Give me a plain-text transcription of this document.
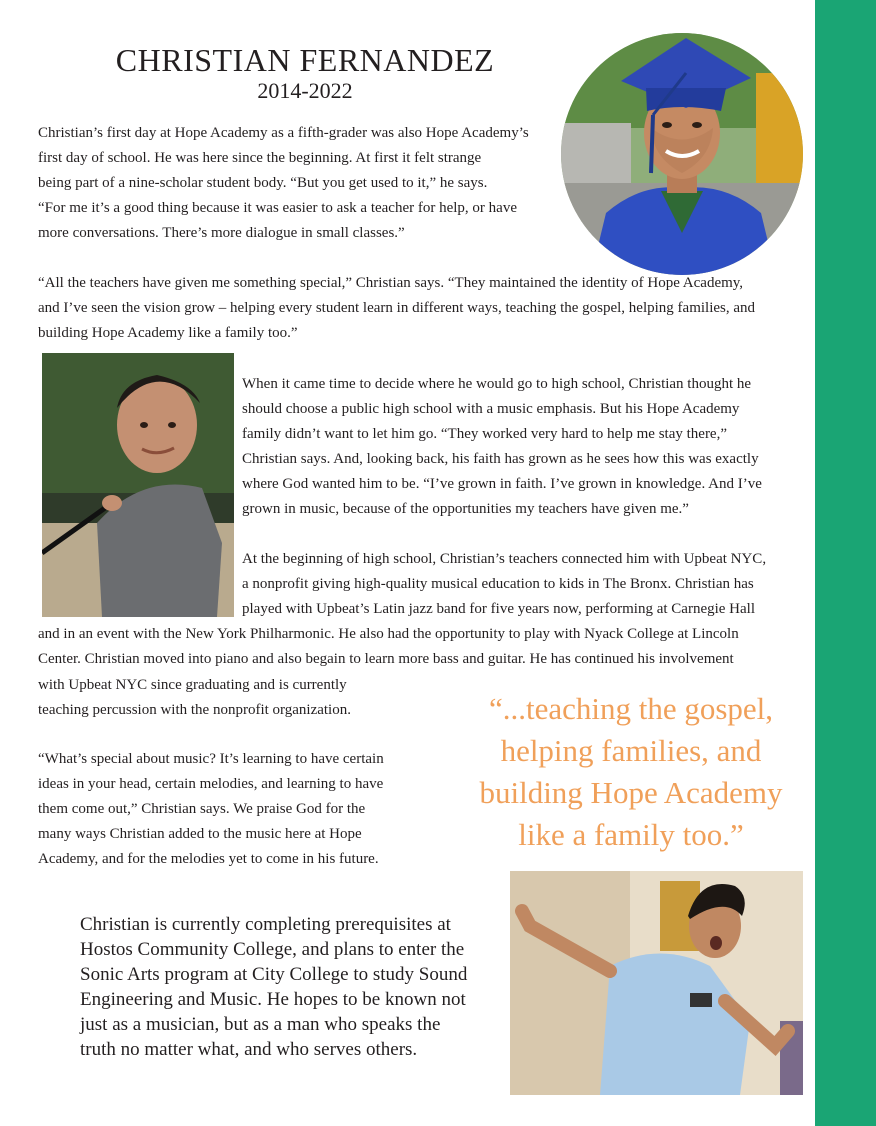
CHRISTIAN FERNANDEZ
2014-2022
Christian’s first day at Hope Academy as a fifth-grader was also Hope Academy’s
first day of school. He was here since the beginning. At first it felt strange
being part of a nine-scholar student body. “But you get used to it,” he says.
“For me it’s a good thing because it was easier to ask a teacher for help, or have
more conversations. There’s more dialogue in small classes.”
“All the teachers have given me something special,” Christian says. “They maintained the identity of Hope Academy,
and I’ve seen the vision grow – helping every student learn in different ways, teaching the gospel, helping families, and
building Hope Academy like a family too.”
When it came time to decide where he would go to high school, Christian thought he
should choose a public high school with a music emphasis. But his Hope Academy
family didn’t want to let him go. “They worked very hard to help me stay there,”
Christian says. And, looking back, his faith has grown as he sees how this was exactly
where God wanted him to be. “I’ve grown in faith. I’ve grown in knowledge. And I’ve
grown in music, because of the opportunities my teachers have given me.”
At the beginning of high school, Christian’s teachers connected him with Upbeat NYC,
a nonprofit giving high-quality musical education to kids in The Bronx. Christian has
played with Upbeat’s Latin jazz band for five years now, performing at Carnegie Hall
and in an event with the New York Philharmonic. He also had the opportunity to play with Nyack College at Lincoln
Center. Christian moved into piano and also begain to learn more bass and guitar. He has continued his involvement
with Upbeat NYC since graduating and is currently
teaching percussion with the nonprofit organization.
“What’s special about music? It’s learning to have certain
ideas in your head, certain melodies, and learning to have
them come out,” Christian says. We praise God for the
many ways Christian added to the music here at Hope
Academy, and for the melodies yet to come in his future.
“...teaching the gospel,
helping families, and
building Hope Academy
like a family too.”
Christian is currently completing prerequisites at
Hostos Community College, and plans to enter the
Sonic Arts program at City College to study Sound
Engineering and Music. He hopes to be known not
just as a musician, but as a man who speaks the
truth no matter what, and who serves others.
